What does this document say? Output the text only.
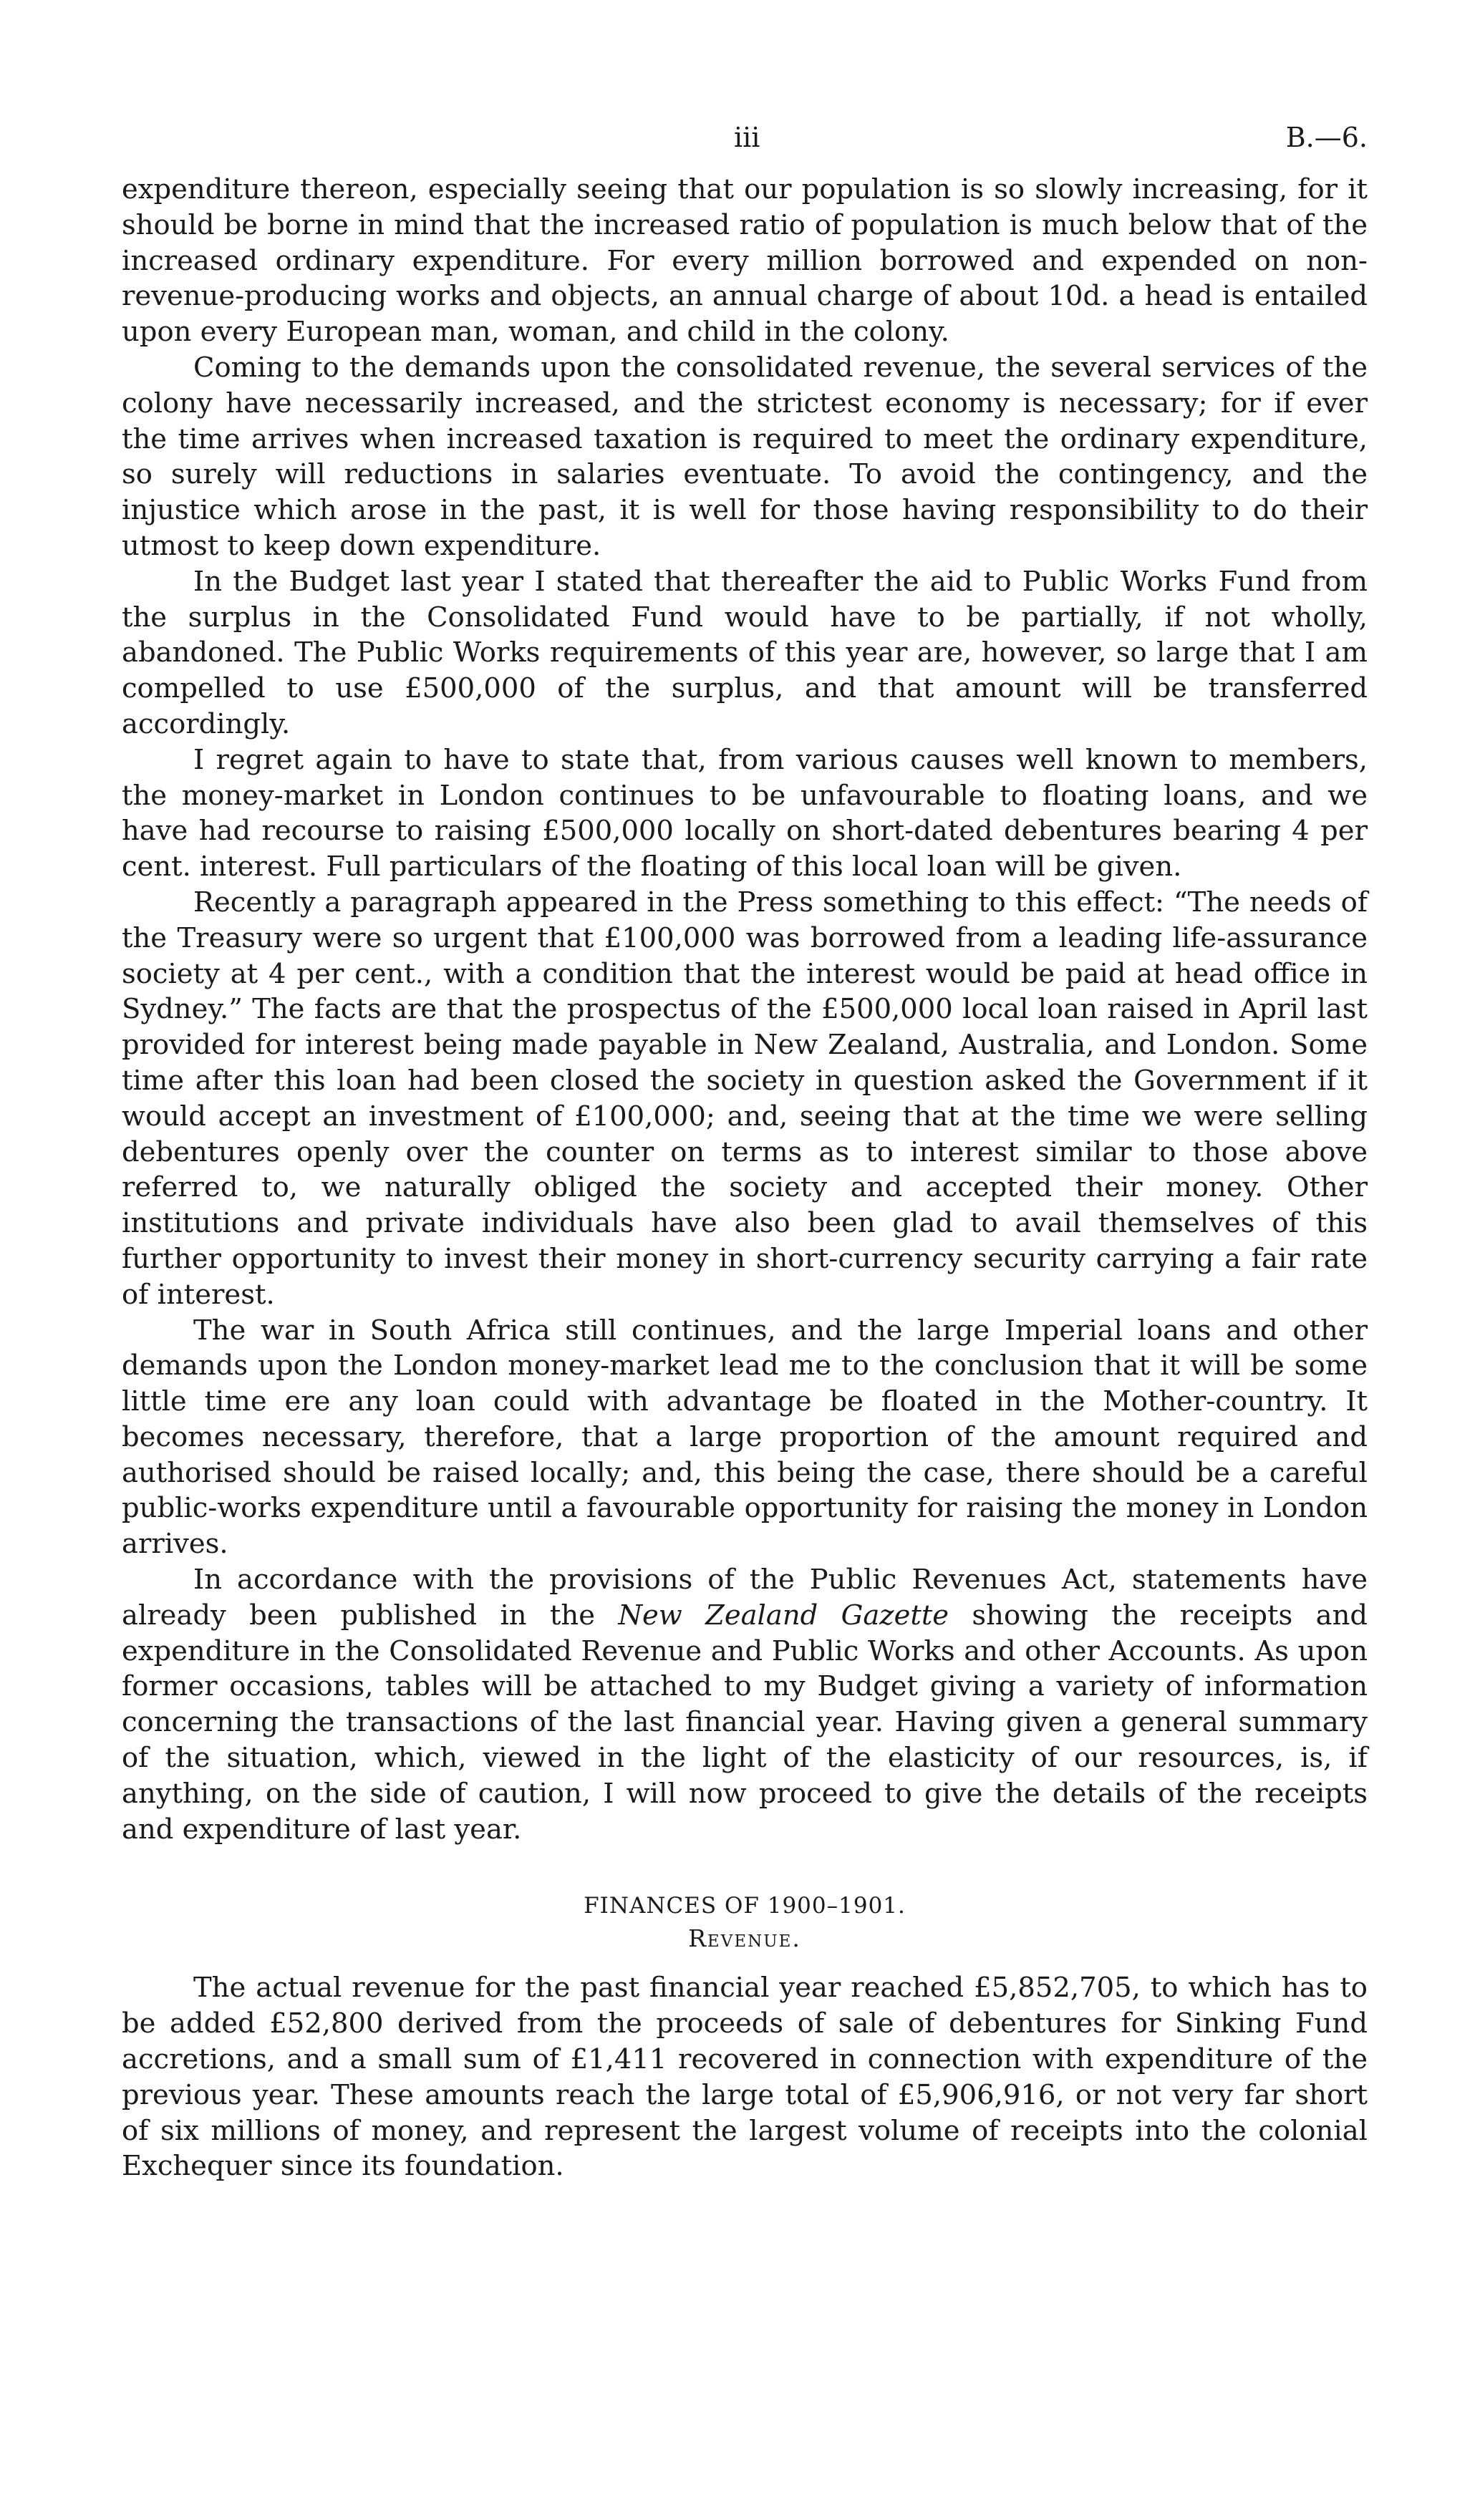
iii	B.—6.

expenditure thereon, especially seeing that our population is so slowly increasing, for it should be borne in mind that the increased ratio of population is much below that of the increased ordinary expenditure. For every million borrowed and expended on non-revenue-producing works and objects, an annual charge of about 10d. a head is entailed upon every European man, woman, and child in the colony.

Coming to the demands upon the consolidated revenue, the several services of the colony have necessarily increased, and the strictest economy is necessary; for if ever the time arrives when increased taxation is required to meet the ordinary expenditure, so surely will reductions in salaries eventuate. To avoid the contingency, and the injustice which arose in the past, it is well for those having responsibility to do their utmost to keep down expenditure.

In the Budget last year I stated that thereafter the aid to Public Works Fund from the surplus in the Consolidated Fund would have to be partially, if not wholly, abandoned. The Public Works requirements of this year are, however, so large that I am compelled to use £500,000 of the surplus, and that amount will be transferred accordingly.

I regret again to have to state that, from various causes well known to members, the money-market in London continues to be unfavourable to floating loans, and we have had recourse to raising £500,000 locally on short-dated debentures bearing 4 per cent. interest. Full particulars of the floating of this local loan will be given.

Recently a paragraph appeared in the Press something to this effect: “The needs of the Treasury were so urgent that £100,000 was borrowed from a leading life-assurance society at 4 per cent., with a condition that the interest would be paid at head office in Sydney.” The facts are that the prospectus of the £500,000 local loan raised in April last provided for interest being made payable in New Zealand, Australia, and London. Some time after this loan had been closed the society in question asked the Government if it would accept an investment of £100,000; and, seeing that at the time we were selling debentures openly over the counter on terms as to interest similar to those above referred to, we naturally obliged the society and accepted their money. Other institutions and private individuals have also been glad to avail themselves of this further opportunity to invest their money in short-currency security carrying a fair rate of interest.

The war in South Africa still continues, and the large Imperial loans and other demands upon the London money-market lead me to the conclusion that it will be some little time ere any loan could with advantage be floated in the Mother-country. It becomes necessary, therefore, that a large proportion of the amount required and authorised should be raised locally; and, this being the case, there should be a careful public-works expenditure until a favourable opportunity for raising the money in London arrives.

In accordance with the provisions of the Public Revenues Act, statements have already been published in the New Zealand Gazette showing the receipts and expenditure in the Consolidated Revenue and Public Works and other Accounts. As upon former occasions, tables will be attached to my Budget giving a variety of information concerning the transactions of the last financial year. Having given a general summary of the situation, which, viewed in the light of the elasticity of our resources, is, if anything, on the side of caution, I will now proceed to give the details of the receipts and expenditure of last year.

FINANCES OF 1900–1901.
Revenue.

The actual revenue for the past financial year reached £5,852,705, to which has to be added £52,800 derived from the proceeds of sale of debentures for Sinking Fund accretions, and a small sum of £1,411 recovered in connection with expenditure of the previous year. These amounts reach the large total of £5,906,916, or not very far short of six millions of money, and represent the largest volume of receipts into the colonial Exchequer since its foundation.
